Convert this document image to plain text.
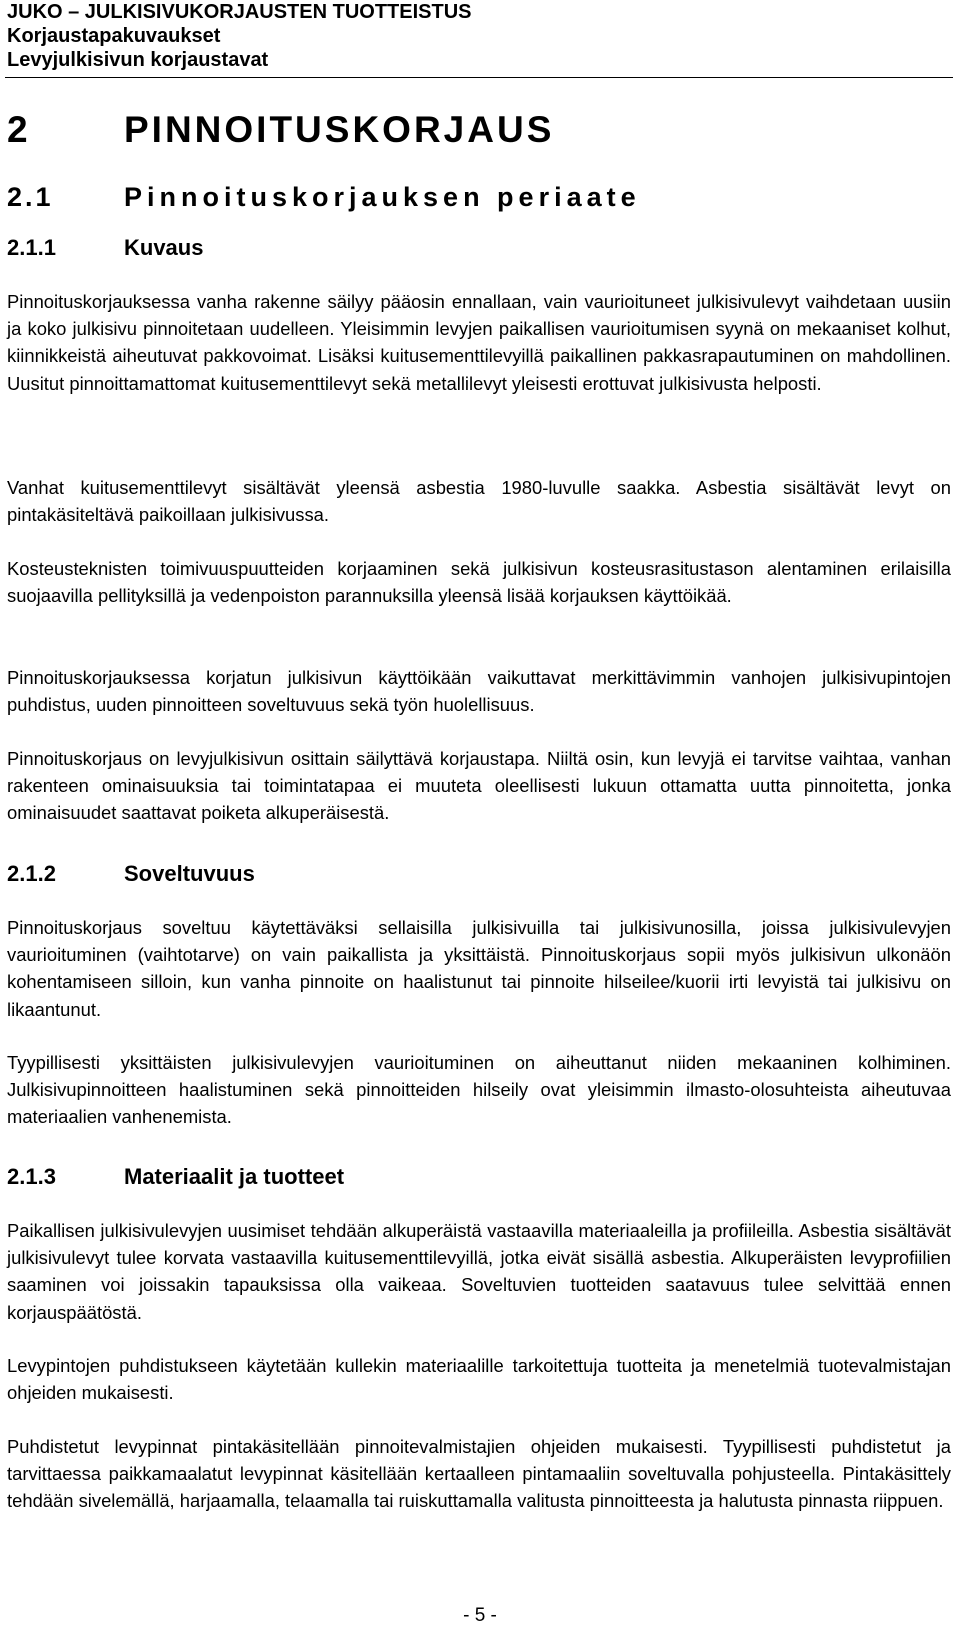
JUKO – JULKISIVUKORJAUSTEN TUOTTEISTUS
Korjaustapakuvaukset
Levyjulkisivun korjaustavat
2	PINNOITUSKORJAUS
2.1	Pinnoituskorjauksen periaate
2.1.1	Kuvaus

Pinnoituskorjauksessa vanha rakenne säilyy pääosin ennallaan, vain vaurioituneet julkisivulevyt vaihdetaan uusiin ja koko julkisivu pinnoitetaan uudelleen. Yleisimmin levyjen paikallisen vaurioitumisen syynä on mekaaniset kolhut, kiinnikkeistä aiheutuvat pakkovoimat. Lisäksi kuitusementtilevyillä paikallinen pakkasrapautuminen on mahdollinen. Uusitut pinnoittamattomat kuitusementtilevyt sekä metallilevyt yleisesti erottuvat julkisivusta helposti.

Vanhat kuitusementtilevyt sisältävät yleensä asbestia 1980-luvulle saakka. Asbestia sisältävät levyt on pintakäsiteltävä paikoillaan julkisivussa.

Kosteusteknisten toimivuuspuutteiden korjaaminen sekä julkisivun kosteusrasitustason alentaminen erilaisilla suojaavilla pellityksillä ja vedenpoiston parannuksilla yleensä lisää korjauksen käyttöikää.

Pinnoituskorjauksessa korjatun julkisivun käyttöikään vaikuttavat merkittävimmin vanhojen julkisivupintojen puhdistus, uuden pinnoitteen soveltuvuus sekä työn huolellisuus.

Pinnoituskorjaus on levyjulkisivun osittain säilyttävä korjaustapa. Niiltä osin, kun levyjä ei tarvitse vaihtaa, vanhan rakenteen ominaisuuksia tai toimintatapaa ei muuteta oleellisesti lukuun ottamatta uutta pinnoitetta, jonka ominaisuudet saattavat poiketa alkuperäisestä.

2.1.2	Soveltuvuus

Pinnoituskorjaus soveltuu käytettäväksi sellaisilla julkisivuilla tai julkisivunosilla, joissa julkisivulevyjen vaurioituminen (vaihtotarve) on vain paikallista ja yksittäistä. Pinnoituskorjaus sopii myös julkisivun ulkonäön kohentamiseen silloin, kun vanha pinnoite on haalistunut tai pinnoite hilseilee/kuorii irti levyistä tai julkisivu on likaantunut.

Tyypillisesti yksittäisten julkisivulevyjen vaurioituminen on aiheuttanut niiden mekaaninen kolhiminen. Julkisivupinnoitteen haalistuminen sekä pinnoitteiden hilseily ovat yleisimmin ilmasto-olosuhteista aiheutuvaa materiaalien vanhenemista.

2.1.3	Materiaalit ja tuotteet

Paikallisen julkisivulevyjen uusimiset tehdään alkuperäistä vastaavilla materiaaleilla ja profiileilla. Asbestia sisältävät julkisivulevyt tulee korvata vastaavilla kuitusementtilevyillä, jotka eivät sisällä asbestia. Alkuperäisten levyprofiilien saaminen voi joissakin tapauksissa olla vaikeaa. Soveltuvien tuotteiden saatavuus tulee selvittää ennen korjauspäätöstä.

Levypintojen puhdistukseen käytetään kullekin materiaalille tarkoitettuja tuotteita ja menetelmiä tuotevalmistajan ohjeiden mukaisesti.

Puhdistetut levypinnat pintakäsitellään pinnoitevalmistajien ohjeiden mukaisesti. Tyypillisesti puhdistetut ja tarvittaessa paikkamaalatut levypinnat käsitellään kertaalleen pintamaaliin soveltuvalla pohjusteella. Pintakäsittely tehdään sivelemällä, harjaamalla, telaamalla tai ruiskuttamalla valitusta pinnoitteesta ja halutusta pinnasta riippuen.

- 5 -
